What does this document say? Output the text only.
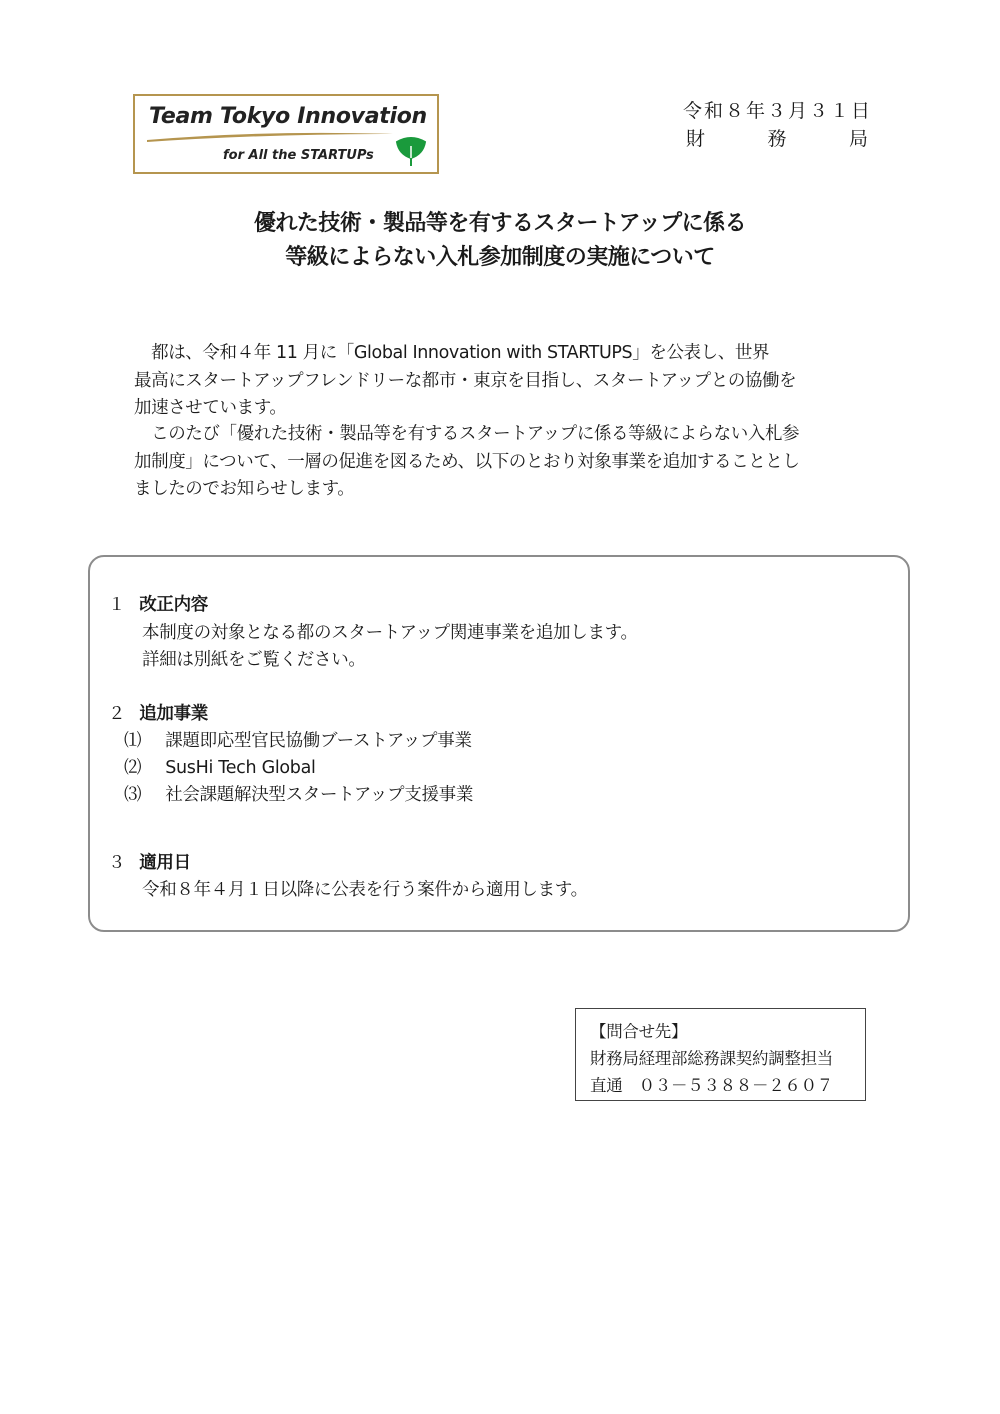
Team Tokyo Innovation
for All the STARTUPs
令和８年３月３１日
財	務	局
優れた技術・製品等を有するスタートアップに係る
等級によらない入札参加制度の実施について
　都は、令和４年 11 月に「Global Innovation with STARTUPS」を公表し、世界
最高にスタートアップフレンドリーな都市・東京を目指し、スタートアップとの協働を
加速させています。
　このたび「優れた技術・製品等を有するスタートアップに係る等級によらない入札参
加制度」について、一層の促進を図るため、以下のとおり対象事業を追加することとし
ましたのでお知らせします。
１ 改正内容
本制度の対象となる都のスタートアップ関連事業を追加します。
詳細は別紙をご覧ください。
２ 追加事業
⑴ 課題即応型官民協働ブーストアップ事業
⑵ SusHi Tech Global
⑶ 社会課題解決型スタートアップ支援事業
３ 適用日
令和８年４月１日以降に公表を行う案件から適用します。
【問合せ先】
財務局経理部総務課契約調整担当
直通　０３－５３８８－２６０７
